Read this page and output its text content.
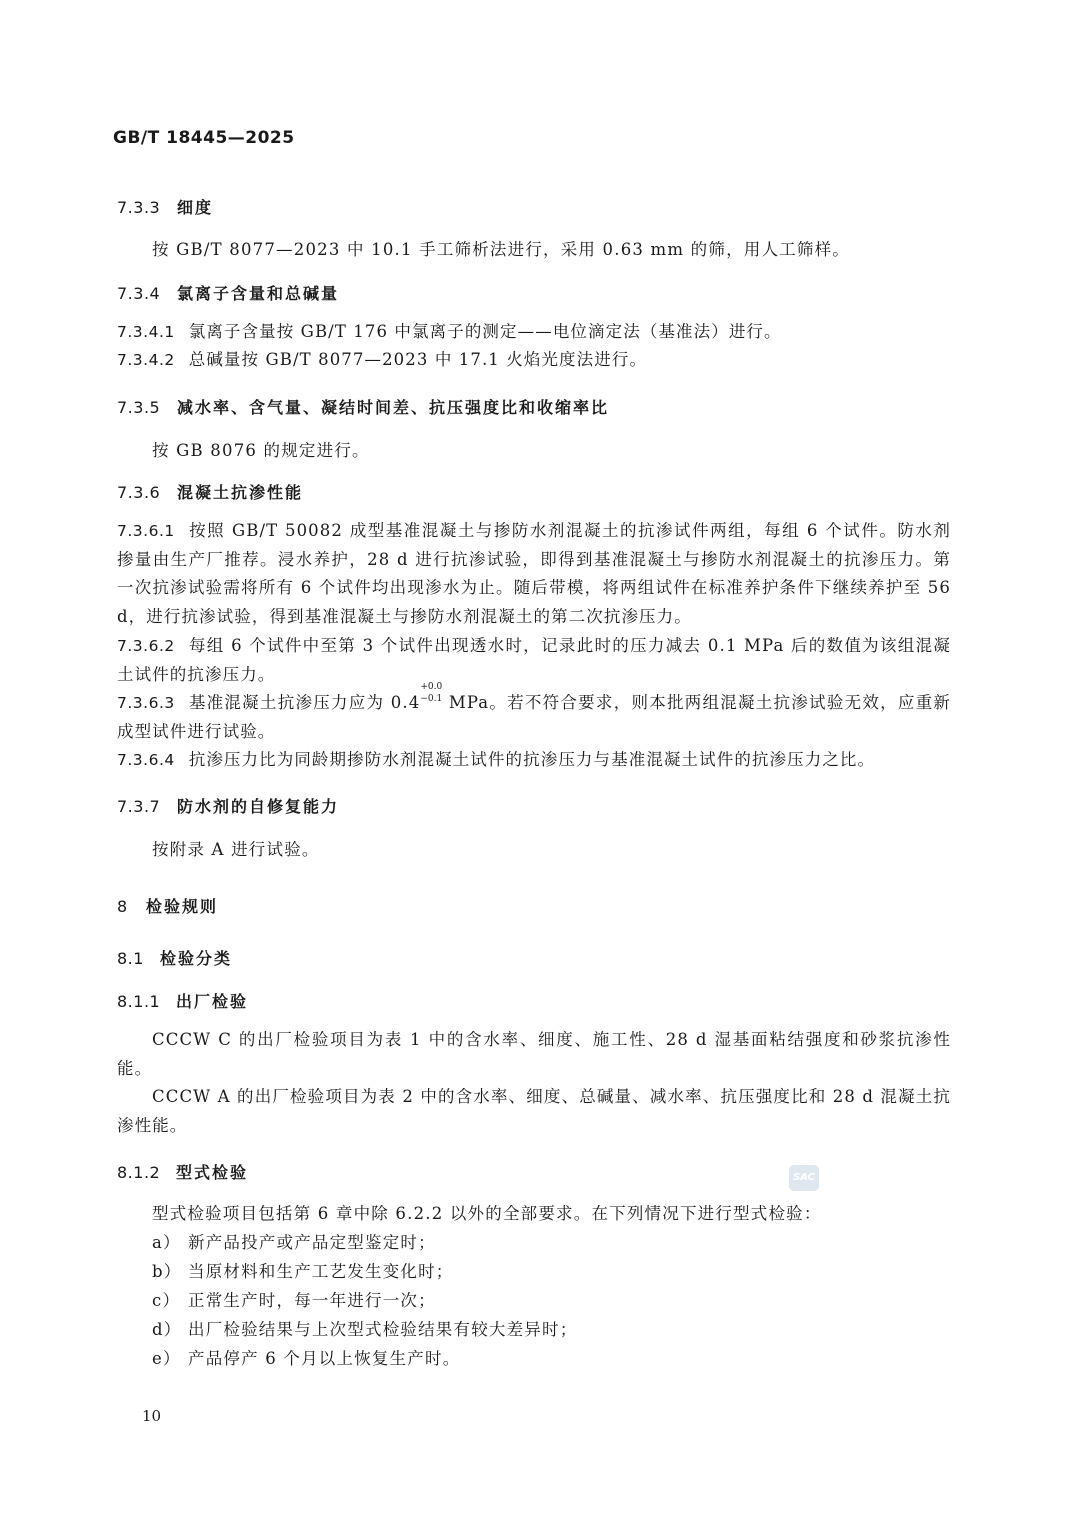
GB/T 18445—2025
7.3.3 细度
按 GB/T 8077—2023 中 10.1 手工筛析法进行，采用 0.63 mm 的筛，用人工筛样。
7.3.4 氯离子含量和总碱量
7.3.4.1 氯离子含量按 GB/T 176 中氯离子的测定——电位滴定法（基准法）进行。
7.3.4.2 总碱量按 GB/T 8077—2023 中 17.1 火焰光度法进行。
7.3.5 减水率、含气量、凝结时间差、抗压强度比和收缩率比
按 GB 8076 的规定进行。
7.3.6 混凝土抗渗性能
7.3.6.1 按照 GB/T 50082 成型基准混凝土与掺防水剂混凝土的抗渗试件两组，每组 6 个试件。防水剂掺量由生产厂推荐。浸水养护，28 d 进行抗渗试验，即得到基准混凝土与掺防水剂混凝土的抗渗压力。第一次抗渗试验需将所有 6 个试件均出现渗水为止。随后带模，将两组试件在标准养护条件下继续养护至 56 d，进行抗渗试验，得到基准混凝土与掺防水剂混凝土的第二次抗渗压力。
7.3.6.2 每组 6 个试件中至第 3 个试件出现透水时，记录此时的压力减去 0.1 MPa 后的数值为该组混凝土试件的抗渗压力。
7.3.6.3 基准混凝土抗渗压力应为 0.4
+0.0
−0.1 MPa。若不符合要求，则本批两组混凝土抗渗试验无效，应重新成型试件进行试验。
7.3.6.4 抗渗压力比为同龄期掺防水剂混凝土试件的抗渗压力与基准混凝土试件的抗渗压力之比。
7.3.7 防水剂的自修复能力
按附录 A 进行试验。
8 检验规则
8.1 检验分类
8.1.1 出厂检验
CCCW C 的出厂检验项目为表 1 中的含水率、细度、施工性、28 d 湿基面粘结强度和砂浆抗渗性能。
CCCW A 的出厂检验项目为表 2 中的含水率、细度、总碱量、减水率、抗压强度比和 28 d 混凝土抗渗性能。
8.1.2 型式检验	SAC
型式检验项目包括第 6 章中除 6.2.2 以外的全部要求。在下列情况下进行型式检验：
a） 新产品投产或产品定型鉴定时；
b） 当原材料和生产工艺发生变化时；
c） 正常生产时，每一年进行一次；
d） 出厂检验结果与上次型式检验结果有较大差异时；
e） 产品停产 6 个月以上恢复生产时。
10
